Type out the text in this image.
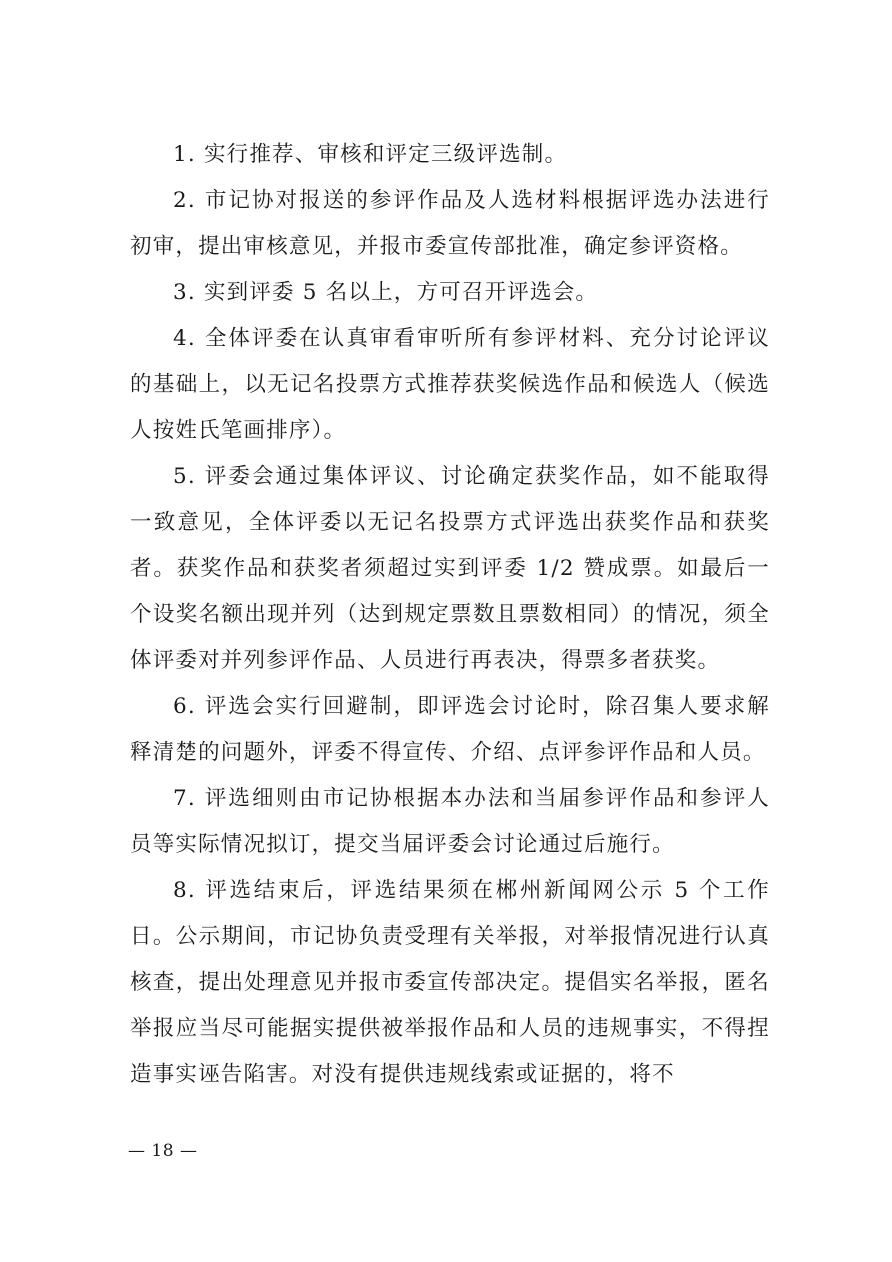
1. 实行推荐、审核和评定三级评选制。

2. 市记协对报送的参评作品及人选材料根据评选办法进行初审，提出审核意见，并报市委宣传部批准，确定参评资格。

3. 实到评委 5 名以上，方可召开评选会。

4. 全体评委在认真审看审听所有参评材料、充分讨论评议的基础上，以无记名投票方式推荐获奖候选作品和候选人（候选人按姓氏笔画排序）。

5. 评委会通过集体评议、讨论确定获奖作品，如不能取得一致意见，全体评委以无记名投票方式评选出获奖作品和获奖者。获奖作品和获奖者须超过实到评委 1/2 赞成票。如最后一个设奖名额出现并列（达到规定票数且票数相同）的情况，须全体评委对并列参评作品、人员进行再表决，得票多者获奖。

6. 评选会实行回避制，即评选会讨论时，除召集人要求解释清楚的问题外，评委不得宣传、介绍、点评参评作品和人员。

7. 评选细则由市记协根据本办法和当届参评作品和参评人员等实际情况拟订，提交当届评委会讨论通过后施行。

8. 评选结束后，评选结果须在郴州新闻网公示 5 个工作日。公示期间，市记协负责受理有关举报，对举报情况进行认真核查，提出处理意见并报市委宣传部决定。提倡实名举报，匿名举报应当尽可能据实提供被举报作品和人员的违规事实，不得捏造事实诬告陷害。对没有提供违规线索或证据的，将不

— 18 —
